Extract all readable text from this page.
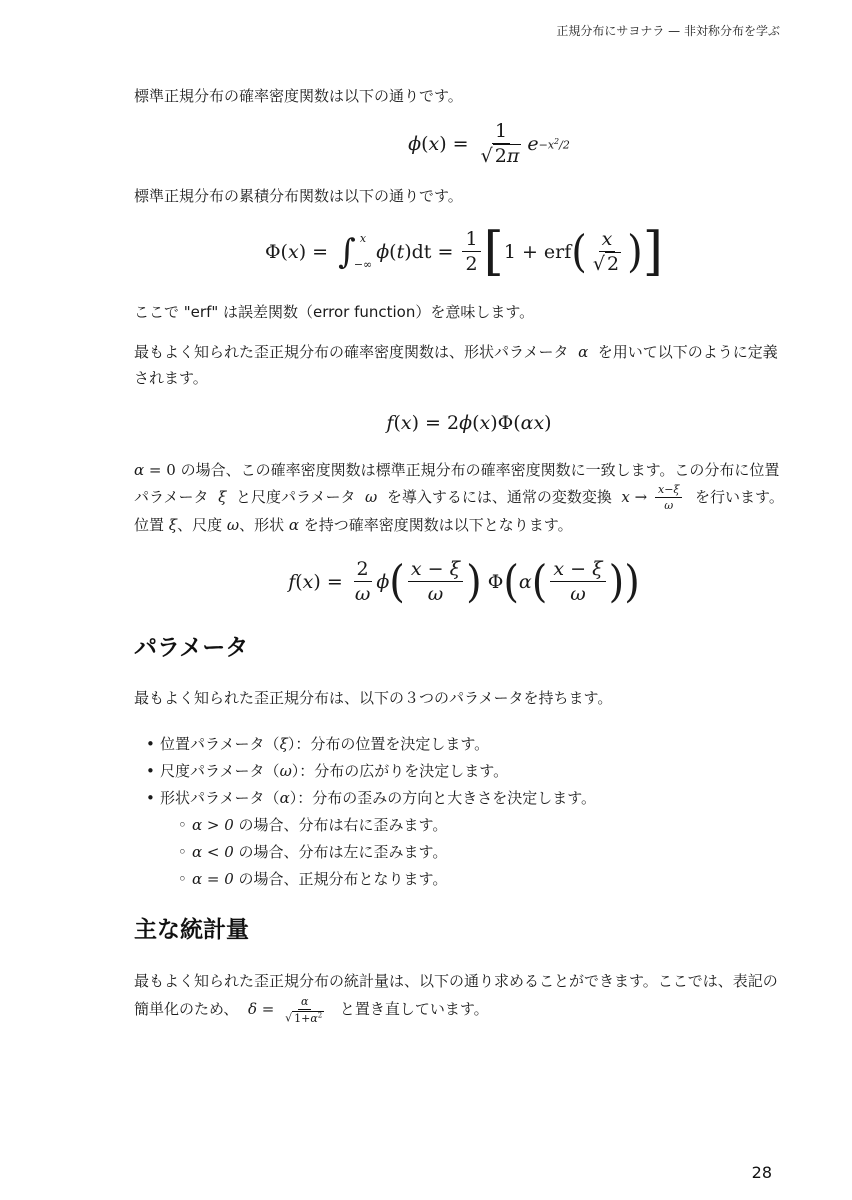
正規分布にサヨナラ — 非対称分布を学ぶ

標準正規分布の確率密度関数は以下の通りです。

ϕ ( x ) = $\frac{1}{√ 2\pi}$ $e -x^2/2$

標準正規分布の累積分布関数は以下の通りです。

Φ( x ) = ∫ x
−∞
ϕ ( t )$dt = \frac{1}{2}$ [ 1 + erf ( $\frac{x}{√ 2}$ ) ]

ここで "erf" は誤差関数（error function）を意味します。

最もよく知られた歪正規分布の確率密度関数は、形状パラメータ  α  を用いて以下のように定義されます。

f ( x ) = 2 ϕ ( x )Φ( αx )

α = 0 の場合、この確率密度関数は標準正規分布の確率密度関数に一致します。この分布に位置パラメータ  ξ  と尺度パラメータ  ω  を導入するには、通常の変数変換  $x \to \frac{x-\xi}{\omega}$ を行います。位置 ξ、尺度 ω、形状 α を持つ確率密度関数は以下となります。

f ( x ) = $\frac{2}{\omega}$ ϕ ( $\frac{x - \xi}{\omega}$ ) Φ ( α ( $\frac{x - \xi}{\omega}$ ) )
パラメータ

最もよく知られた歪正規分布は、以下の３つのパラメータを持ちます。

• 位置パラメータ（ξ）：分布の位置を決定します。
• 尺度パラメータ（ω）：分布の広がりを決定します。
• 形状パラメータ（α）：分布の歪みの方向と大きさを決定します。
◦ α > 0 の場合、分布は右に歪みます。
◦ α < 0 の場合、分布は左に歪みます。
◦ α = 0 の場合、正規分布となります。
主な統計量

最もよく知られた歪正規分布の統計量は、以下の通り求めることができます。ここでは、表記の簡単化のため、  $\delta = \frac{\alpha}{√ 1+\alpha^2}$ と置き直しています。

28
